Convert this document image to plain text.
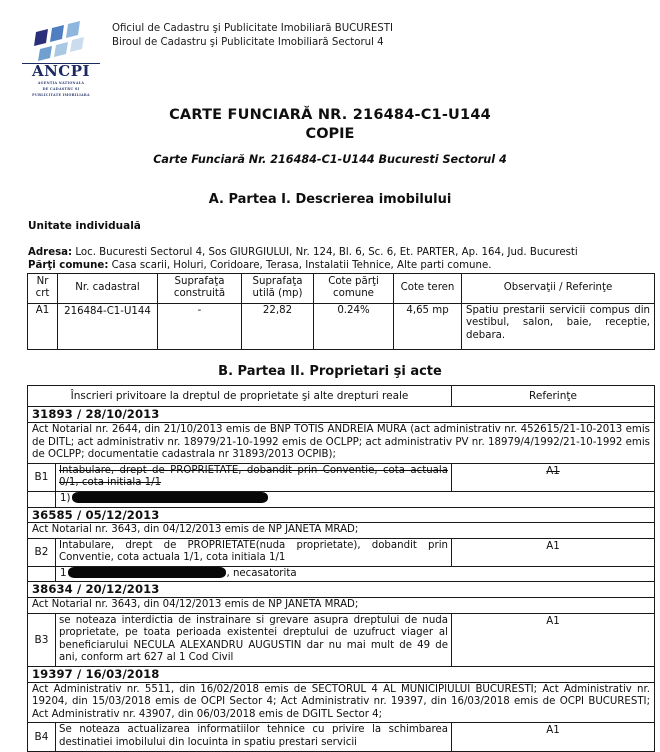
ANCPI
AGENTIA NATIONALA
DE CADASTRU SI
PUBLICITATE IMOBILIARA
Oficiul de Cadastru şi Publicitate Imobiliară BUCURESTI
Biroul de Cadastru şi Publicitate Imobiliară Sectorul 4
CARTE FUNCIARĂ NR. 216484-C1-U144
COPIE
Carte Funciară Nr. 216484-C1-U144 Bucuresti Sectorul 4
A. Partea I. Descrierea imobilului
Unitate individuală
Adresa: Loc. Bucuresti Sectorul 4, Sos GIURGIULUI, Nr. 124, Bl. 6, Sc. 6, Et. PARTER, Ap. 164, Jud. Bucuresti
Părţi comune: Casa scarii, Holuri, Coridoare, Terasa, Instalatii Tehnice, Alte parti comune.
Nr crt	Nr. cadastral	Suprafaţa construită	Suprafaţa utilă (mp)	Cote părţi comune	Cote teren	Observaţii / Referinţe
A1	216484-C1-U144	-	22,82	0.24%	4,65 mp	Spatiu prestarii servicii compus din vestibul, salon, baie, receptie, debara.
B. Partea II. Proprietari şi acte
Înscrieri privitoare la dreptul de proprietate şi alte drepturi reale		Referinţe
31893 / 28/10/2013		
Act Notarial nr. 2644, din 21/10/2013 emis de BNP TOTIS ANDREIA MURA (act administrativ nr. 452615/21-10-2013 emis de DITL; act administrativ nr. 18979/21-10-1992 emis de OCLPP; act administrativ PV nr. 18979/4/1992/21-10-1992 emis de OCLPP; documentatie cadastrala nr 31893/2013 OCPIB);		
B1	Intabulare, drept de PROPRIETATE, dobandit prin Conventie, cota actuala 0/1, cota initiala 1/1	A1
	1)	
36585 / 05/12/2013		
Act Notarial nr. 3643, din 04/12/2013 emis de NP JANETA MRAD;		
B2	Intabulare, drept de PROPRIETATE(nuda proprietate), dobandit prin Conventie, cota actuala 1/1, cota initiala 1/1	A1
	1 , necasatorita	
38634 / 20/12/2013		
Act Notarial nr. 3643, din 04/12/2013 emis de NP JANETA MRAD;		
B3	se noteaza interdictia de instrainare si grevare asupra dreptului de nuda proprietate, pe toata perioada existentei dreptului de uzufruct viager al beneficiarului NECULA ALEXANDRU AUGUSTIN dar nu mai mult de 49 de ani, conform art 627 al 1 Cod Civil	A1
19397 / 16/03/2018		
Act Administrativ nr. 5511, din 16/02/2018 emis de SECTORUL 4 AL MUNICIPIULUI BUCURESTI; Act Administrativ nr. 19204, din 15/03/2018 emis de OCPI Sector 4; Act Administrativ nr. 19397, din 16/03/2018 emis de OCPI BUCURESTI; Act Administrativ nr. 43907, din 06/03/2018 emis de DGITL Sector 4;		
B4	Se noteaza actualizarea informatiilor tehnice cu privire la schimbarea destinatiei imobilului din locuinta in spatiu prestari servicii	A1
